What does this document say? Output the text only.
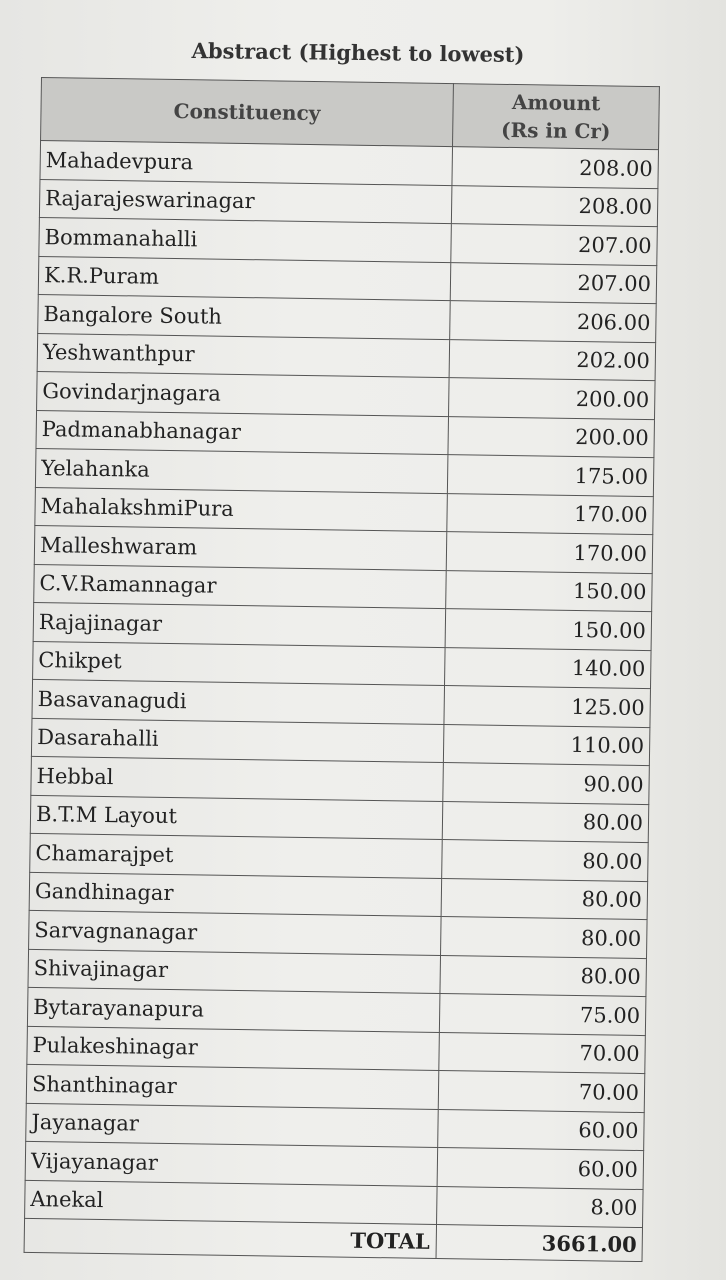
Abstract (Highest to lowest)
Constituency	Amount
(Rs in Cr)

Mahadevpura	208.00
Rajarajeswarinagar	208.00
Bommanahalli	207.00
K.R.Puram	207.00
Bangalore South	206.00
Yeshwanthpur	202.00
Govindarjnagara	200.00
Padmanabhanagar	200.00
Yelahanka	175.00
MahalakshmiPura	170.00
Malleshwaram	170.00
C.V.Ramannagar	150.00
Rajajinagar	150.00
Chikpet	140.00
Basavanagudi	125.00
Dasarahalli	110.00
Hebbal	90.00
B.T.M Layout	80.00
Chamarajpet	80.00
Gandhinagar	80.00
Sarvagnanagar	80.00
Shivajinagar	80.00
Bytarayanapura	75.00
Pulakeshinagar	70.00
Shanthinagar	70.00
Jayanagar	60.00
Vijayanagar	60.00
Anekal	8.00
TOTAL	3661.00
